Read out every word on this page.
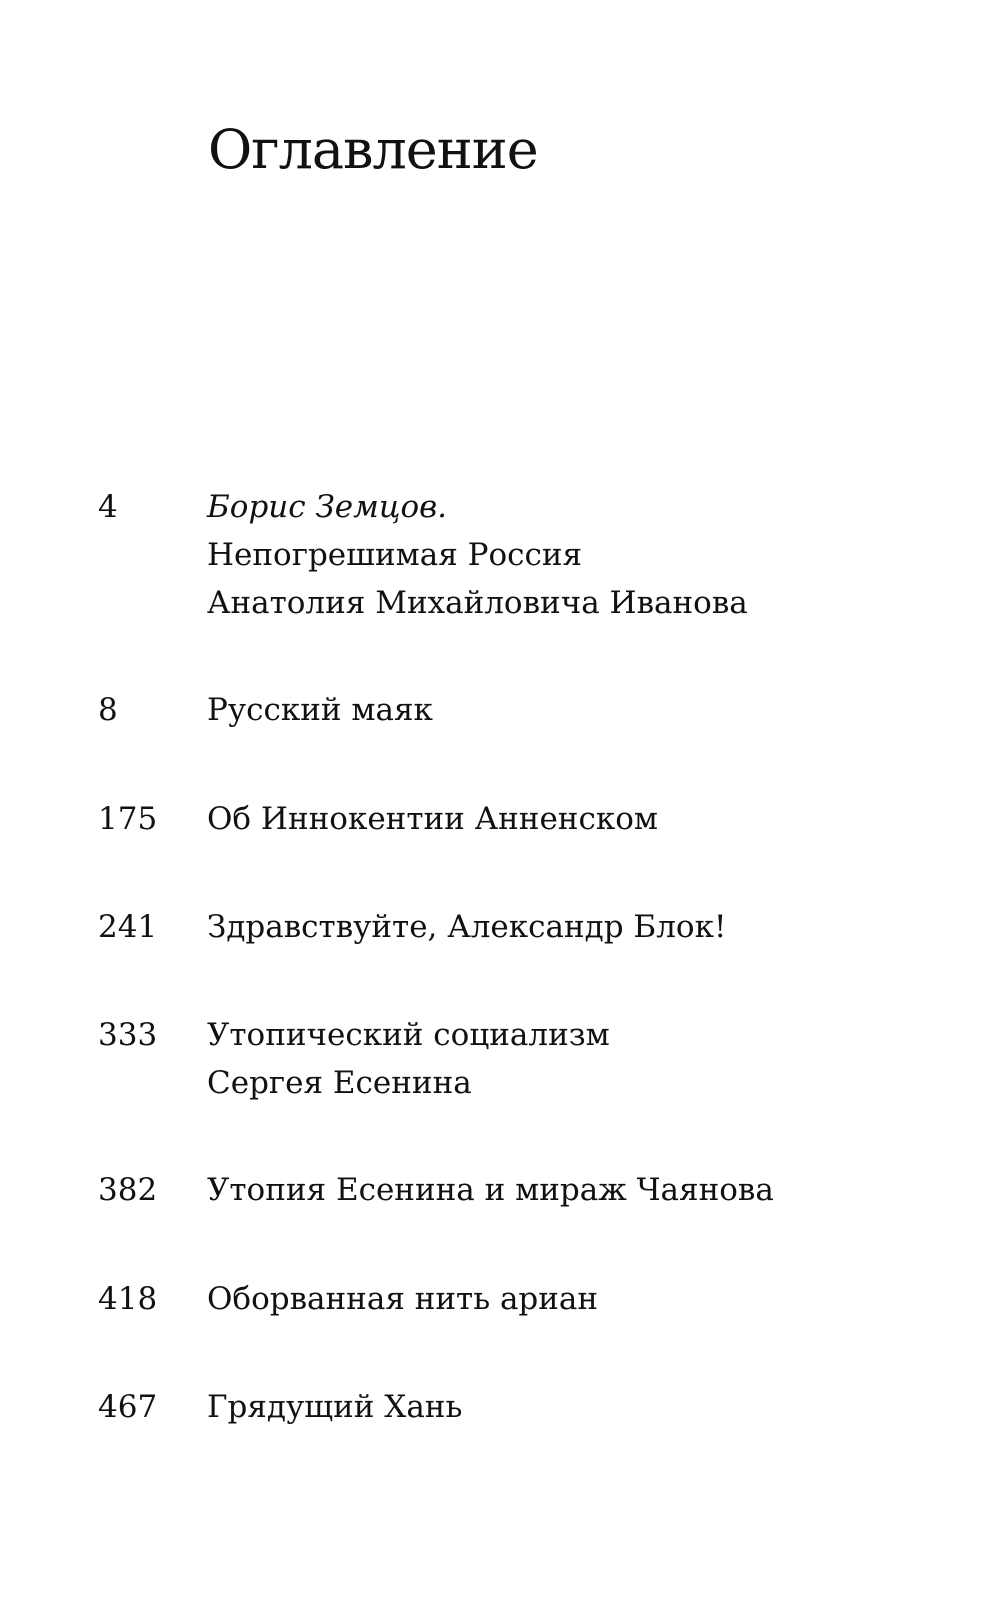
Оглавление
4	Борис Земцов.
Непогрешимая Россия
Анатолия Михайловича Иванова
8	Русский маяк
175 Об Иннокентии Анненском
241 Здравствуйте, Александр Блок!
333 Утопический социализм
Сергея Есенина
382 Утопия Есенина и мираж Чаянова
418 Оборванная нить ариан
467 Грядущий Хань
